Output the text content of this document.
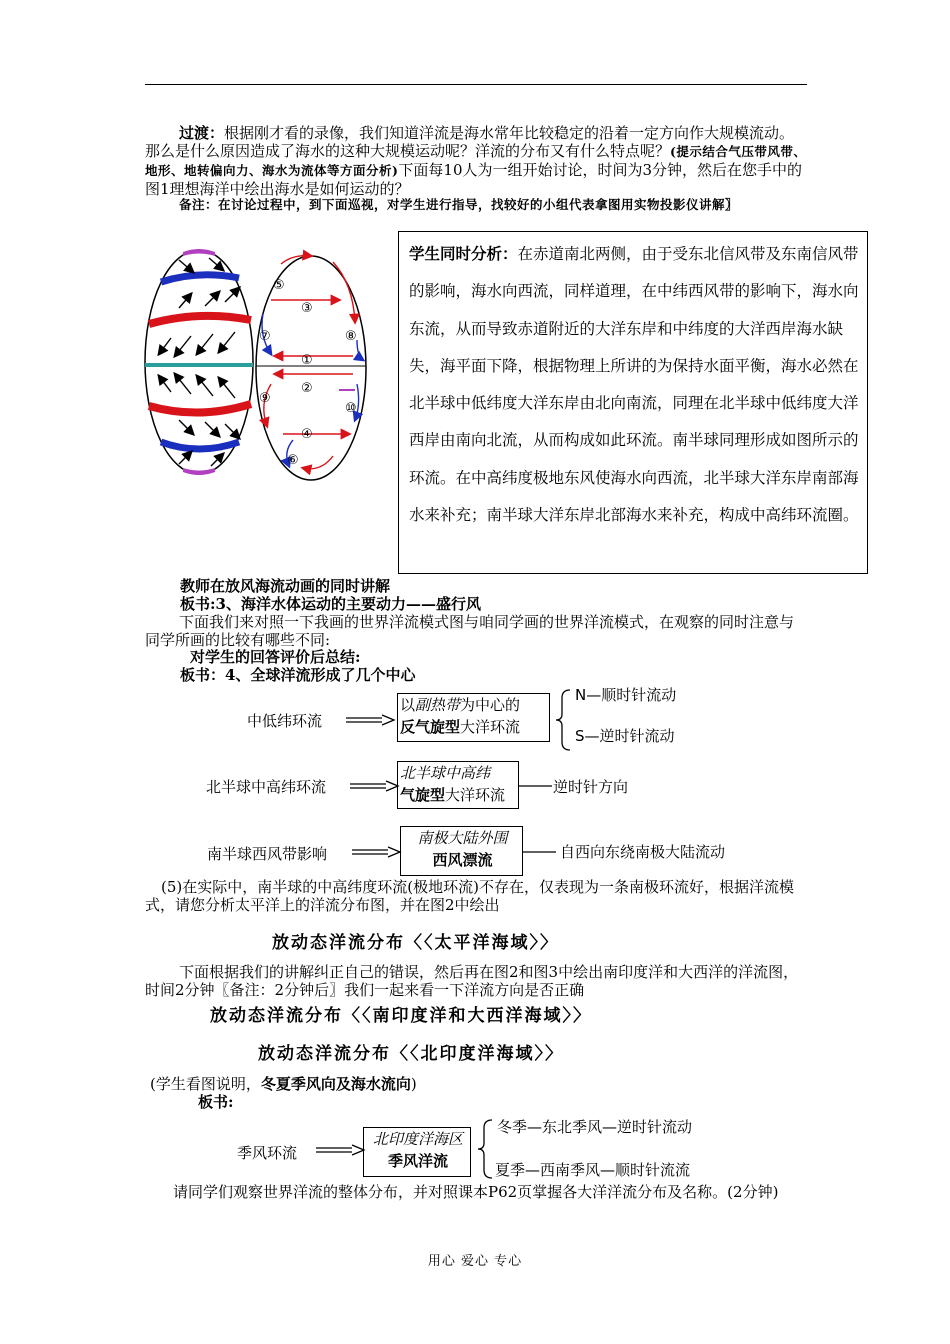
过渡：根据刚才看的录像，我们知道洋流是海水常年比较稳定的沿着一定方向作大规模流动。那么是什么原因造成了海水的这种大规模运动呢？洋流的分布又有什么特点呢？(提示结合气压带风带、地形、地转偏向力、海水为流体等方面分析)下面每10人为一组开始讨论，时间为3分钟，然后在您手中的图1理想海洋中绘出海水是如何运动的？
备注：在讨论过程中，到下面巡视，对学生进行指导，找较好的小组代表拿图用实物投影仪讲解〗
⑤
③
⑦	⑧
①
②
⑨
⑩
④
⑥
学生同时分析：在赤道南北两侧，由于受东北信风带及东南信风带的影响，海水向西流，同样道理，在中纬西风带的影响下，海水向东流，从而导致赤道附近的大洋东岸和中纬度的大洋西岸海水缺失，海平面下降，根据物理上所讲的为保持水面平衡，海水必然在北半球中低纬度大洋东岸由北向南流，同理在北半球中低纬度大洋西岸由南向北流，从而构成如此环流。南半球同理形成如图所示的环流。在中高纬度极地东风使海水向西流，北半球大洋东岸南部海水来补充；南半球大洋东岸北部海水来补充，构成中高纬环流圈。
教师在放风海流动画的同时讲解
板书:3、海洋水体运动的主要动力——盛行风
下面我们来对照一下我画的世界洋流模式图与咱同学画的世界洋流模式，在观察的同时注意与同学所画的比较有哪些不同:
对学生的回答评价后总结:
板书：4、全球洋流形成了几个中心
中低纬环流
以副热带为中心的
反气旋型大洋环流
N—顺时针流动
S—逆时针流动
北半球中高纬环流
北半球中高纬
气旋型大洋环流	逆时针方向
南半球西风带影响
南极大陆外围
西风漂流	自西向东绕南极大陆流动
(5)在实际中，南半球的中高纬度环流(极地环流)不存在，仅表现为一条南极环流好，根据洋流模式，请您分析太平洋上的洋流分布图，并在图2中绘出
放动态洋流分布〈〈太平洋海域〉〉
下面根据我们的讲解纠正自己的错误，然后再在图2和图3中绘出南印度洋和大西洋的洋流图，时间2分钟〖备注：2分钟后〗我们一起来看一下洋流方向是否正确
放动态洋流分布〈〈南印度洋和大西洋海域〉〉
放动态洋流分布〈〈北印度洋海域〉〉
(学生看图说明，冬夏季风向及海水流向)
板书:
季风环流
北印度洋海区
季风洋流
冬季—东北季风—逆时针流动
夏季—西南季风—顺时针流流
请同学们观察世界洋流的整体分布，并对照课本P62页掌握各大洋洋流分布及名称。(2分钟)
用心 爱心 专心
